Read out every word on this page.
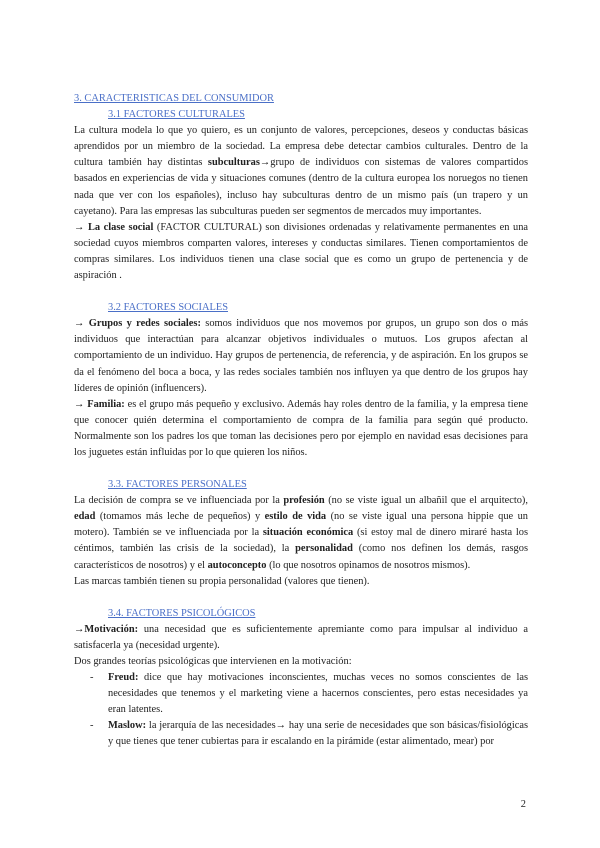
3. CARACTERISTICAS DEL CONSUMIDOR

3.1 FACTORES CULTURALES

La cultura modela lo que yo quiero, es un conjunto de valores, percepciones, deseos y conductas básicas aprendidos por un miembro de la sociedad. La empresa debe detectar cambios culturales. Dentro de la cultura también hay distintas subculturas→grupo de individuos con sistemas de valores compartidos basados en experiencias de vida y situaciones comunes (dentro de la cultura europea los noruegos no tienen nada que ver con los españoles), incluso hay subculturas dentro de un mismo país (un trapero y un cayetano). Para las empresas las subculturas pueden ser segmentos de mercados muy importantes.

→ La clase social (FACTOR CULTURAL) son divisiones ordenadas y relativamente permanentes en una sociedad cuyos miembros comparten valores, intereses y conductas similares. Tienen comportamientos de compras similares. Los individuos tienen una clase social que es como un grupo de pertenencia y de aspiración .

3.2 FACTORES SOCIALES

→ Grupos y redes sociales: somos individuos que nos movemos por grupos, un grupo son dos o más individuos que interactúan para alcanzar objetivos individuales o mutuos. Los grupos afectan al comportamiento de un individuo. Hay grupos de pertenencia, de referencia, y de aspiración. En los grupos se da el fenómeno del boca a boca, y las redes sociales también nos influyen ya que dentro de los grupos hay líderes de opinión (influencers).

→ Familia: es el grupo más pequeño y exclusivo. Además hay roles dentro de la familia, y la empresa tiene que conocer quién determina el comportamiento de compra de la familia para según qué producto. Normalmente son los padres los que toman las decisiones pero por ejemplo en navidad esas decisiones para los juguetes están influidas por lo que quieren los niños.

3.3. FACTORES PERSONALES

La decisión de compra se ve influenciada por la profesión (no se viste igual un albañil que el arquitecto), edad (tomamos más leche de pequeños) y estilo de vida (no se viste igual una persona hippie que un motero). También se ve influenciada por la situación económica (si estoy mal de dinero miraré hasta los céntimos, también las crisis de la sociedad), la personalidad (como nos definen los demás, rasgos característicos de nosotros) y el autoconcepto (lo que nosotros opinamos de nosotros mismos).

Las marcas también tienen su propia personalidad (valores que tienen).

3.4. FACTORES PSICOLÓGICOS

→Motivación: una necesidad que es suficientemente apremiante como para impulsar al individuo a satisfacerla ya (necesidad urgente).

Dos grandes teorías psicológicas que intervienen en la motivación:

- Freud: dice que hay motivaciones inconscientes, muchas veces no somos conscientes de las necesidades que tenemos y el marketing viene a hacernos conscientes, pero estas necesidades ya eran latentes.
- Maslow: la jerarquía de las necesidades→ hay una serie de necesidades que son básicas/fisiológicas y que tienes que tener cubiertas para ir escalando en la pirámide (estar alimentado, mear) por
2
